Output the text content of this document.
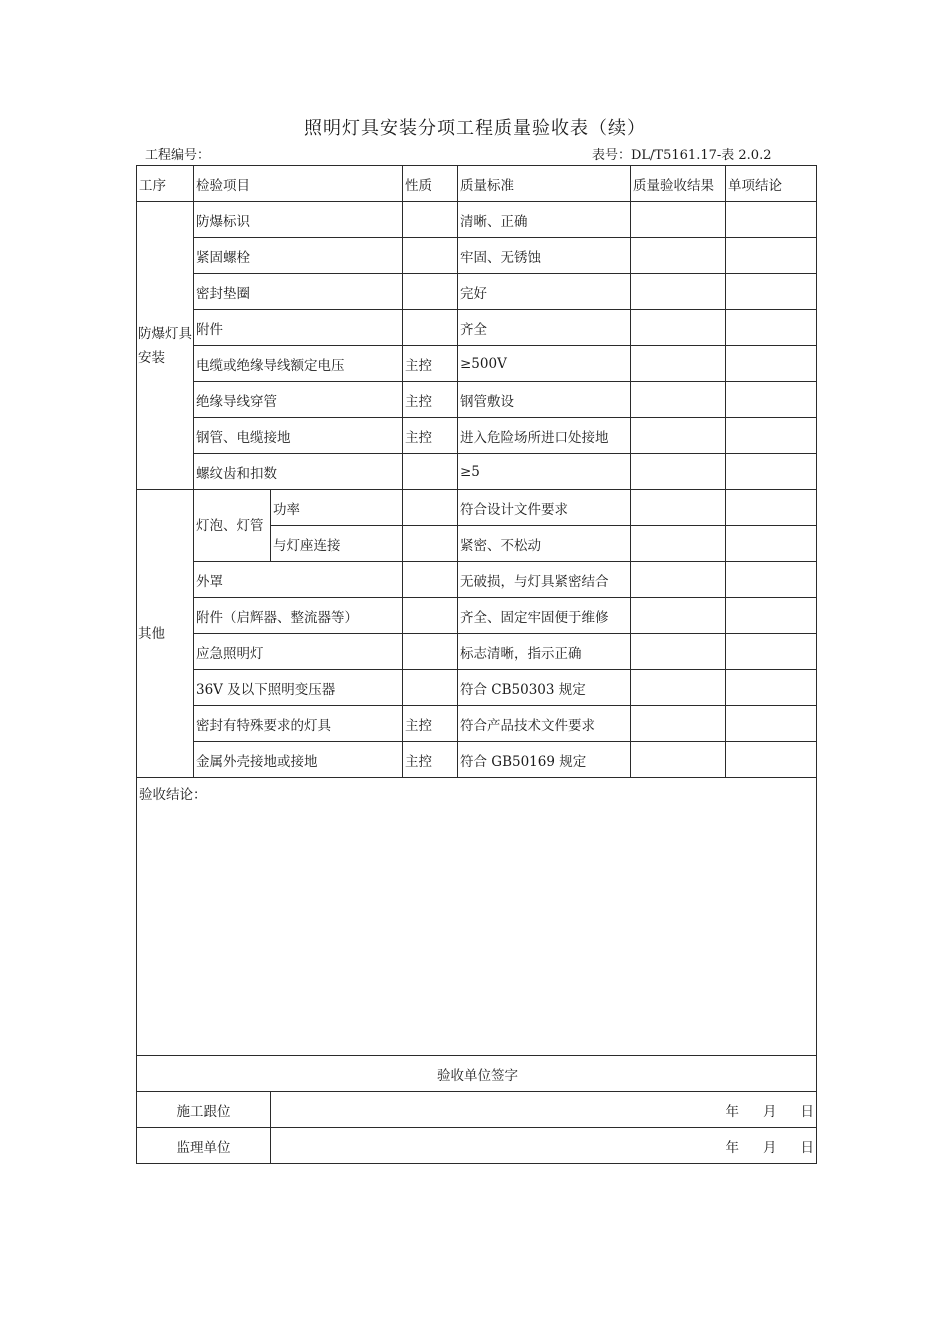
照明灯具安装分项工程质量验收表（续）
工程编号：	表号：DL/T5161.17-表 2.0.2
工序	检验项目		性质	质量标准	质量验收结果	单项结论
防爆灯具安装	防爆标识			清晰、正确		
	紧固螺栓			牢固、无锈蚀		
	密封垫圈			完好		
	附件			齐全		
	电缆或绝缘导线额定电压		主控	≥500V		
	绝缘导线穿管		主控	钢管敷设		
	钢管、电缆接地		主控	进入危险场所进口处接地		
	螺纹齿和扣数			≥5		
其他	灯泡、灯管	功率		符合设计文件要求		
		与灯座连接		紧密、不松动		
	外罩			无破损，与灯具紧密结合		
	附件（启辉器、整流器等）			齐全、固定牢固便于维修		
	应急照明灯			标志清晰，指示正确		
	36V 及以下照明变压器			符合 CB50303 规定		
	密封有特殊要求的灯具		主控	符合产品技术文件要求		
	金属外壳接地或接地		主控	符合 GB50169 规定		
验收结论：						
验收单位签字						
施工跟位		年 月 日				

监理单位		年 月 日				
